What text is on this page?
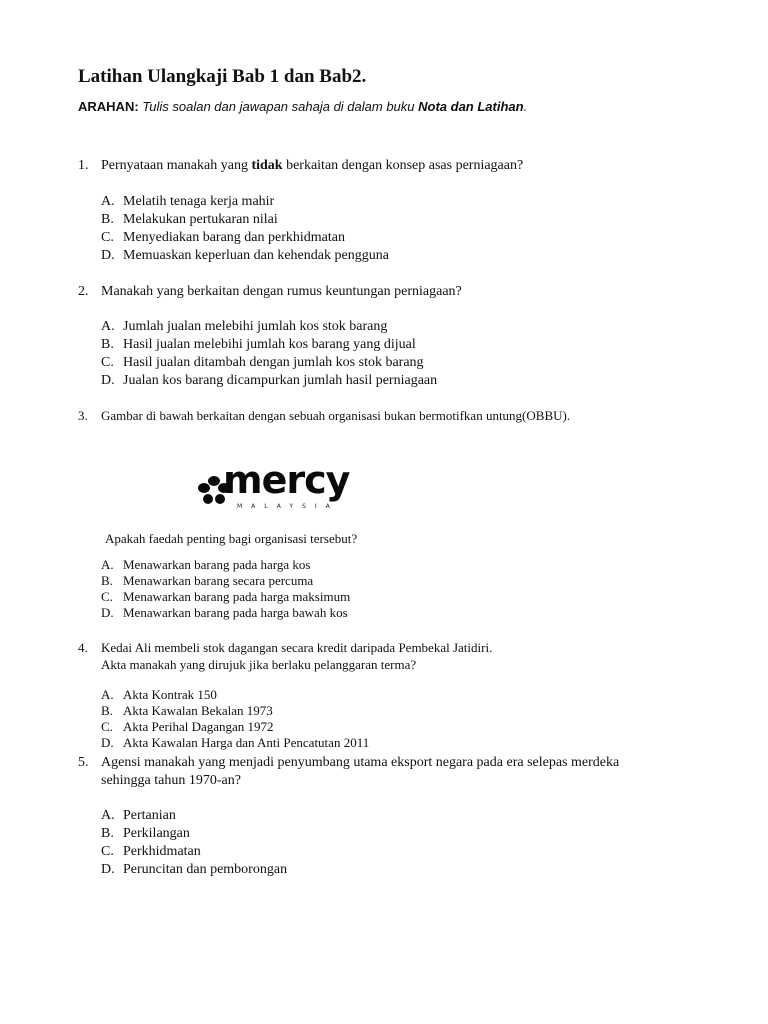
Latihan Ulangkaji Bab 1 dan Bab2.
ARAHAN: Tulis soalan dan jawapan sahaja di dalam buku Nota dan Latihan.
1. Pernyataan manakah yang tidak berkaitan dengan konsep asas perniagaan?
A. Melatih tenaga kerja mahir
B. Melakukan pertukaran nilai
C. Menyediakan barang dan perkhidmatan
D. Memuaskan keperluan dan kehendak pengguna
2. Manakah yang berkaitan dengan rumus keuntungan perniagaan?
A. Jumlah jualan melebihi jumlah kos stok barang
B. Hasil jualan melebihi jumlah kos barang yang dijual
C. Hasil jualan ditambah dengan jumlah kos stok barang
D. Jualan kos barang dicampurkan jumlah hasil perniagaan
3.	Gambar di bawah berkaitan dengan sebuah organisasi bukan bermotifkan untung(OBBU).
mercy
MALAYSIA
Apakah faedah penting bagi organisasi tersebut?
A. Menawarkan barang pada harga kos
B. Menawarkan barang secara percuma
C. Menawarkan barang pada harga maksimum
D. Menawarkan barang pada harga bawah kos
4.	Kedai Ali membeli stok dagangan secara kredit daripada Pembekal Jatidiri.
Akta manakah yang dirujuk jika berlaku pelanggaran terma?
A. Akta Kontrak 150
B. Akta Kawalan Bekalan 1973
C. Akta Perihal Dagangan 1972
D. Akta Kawalan Harga dan Anti Pencatutan 2011
5. Agensi manakah yang menjadi penyumbang utama eksport negara pada era selepas merdeka
sehingga tahun 1970-an?
A. Pertanian
B. Perkilangan
C. Perkhidmatan
D. Peruncitan dan pemborongan
